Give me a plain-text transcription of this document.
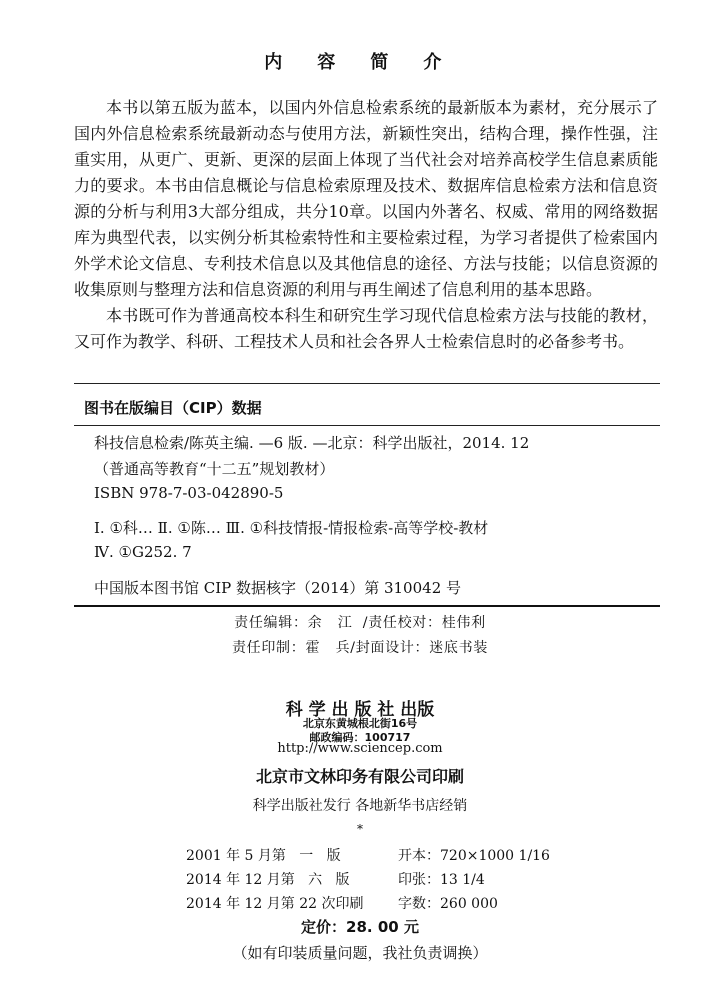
内 容 简 介

本书以第五版为蓝本，以国内外信息检索系统的最新版本为素材，充分展示了国内外信息检索系统最新动态与使用方法，新颖性突出，结构合理，操作性强，注重实用，从更广、更新、更深的层面上体现了当代社会对培养高校学生信息素质能力的要求。本书由信息概论与信息检索原理及技术、数据库信息检索方法和信息资源的分析与利用3大部分组成，共分10章。以国内外著名、权威、常用的网络数据库为典型代表，以实例分析其检索特性和主要检索过程，为学习者提供了检索国内外学术论文信息、专利技术信息以及其他信息的途径、方法与技能；以信息资源的收集原则与整理方法和信息资源的利用与再生阐述了信息利用的基本思路。

本书既可作为普通高校本科生和研究生学习现代信息检索方法与技能的教材，又可作为教学、科研、工程技术人员和社会各界人士检索信息时的必备参考书。

图书在版编目（CIP）数据
科技信息检索/陈英主编. —6 版. —北京：科学出版社，2014. 12
（普通高等教育“十二五”规划教材）
ISBN 978-7-03-042890-5
Ⅰ. ①科… Ⅱ. ①陈… Ⅲ. ①科技情报-情报检索-高等学校-教材
Ⅳ. ①G252. 7
中国版本图书馆 CIP 数据核字（2014）第 310042 号
责任编辑：余   江  /责任校对：桂伟利
责任印制：霍   兵/封面设计：迷底书装
科 学 出 版 社 出版
北京东黄城根北街16号
邮政编码：100717
http://www.sciencep.com
北京市文林印务有限公司印刷
科学出版社发行 各地新华书店经销
*
2001 年 5 月第   一   版	开本：720×1000 1/16
2014 年 12 月第   六   版	印张：13 1/4
2014 年 12 月第 22 次印刷 字数：260 000
定价：28. 00 元
（如有印装质量问题，我社负责调换）
